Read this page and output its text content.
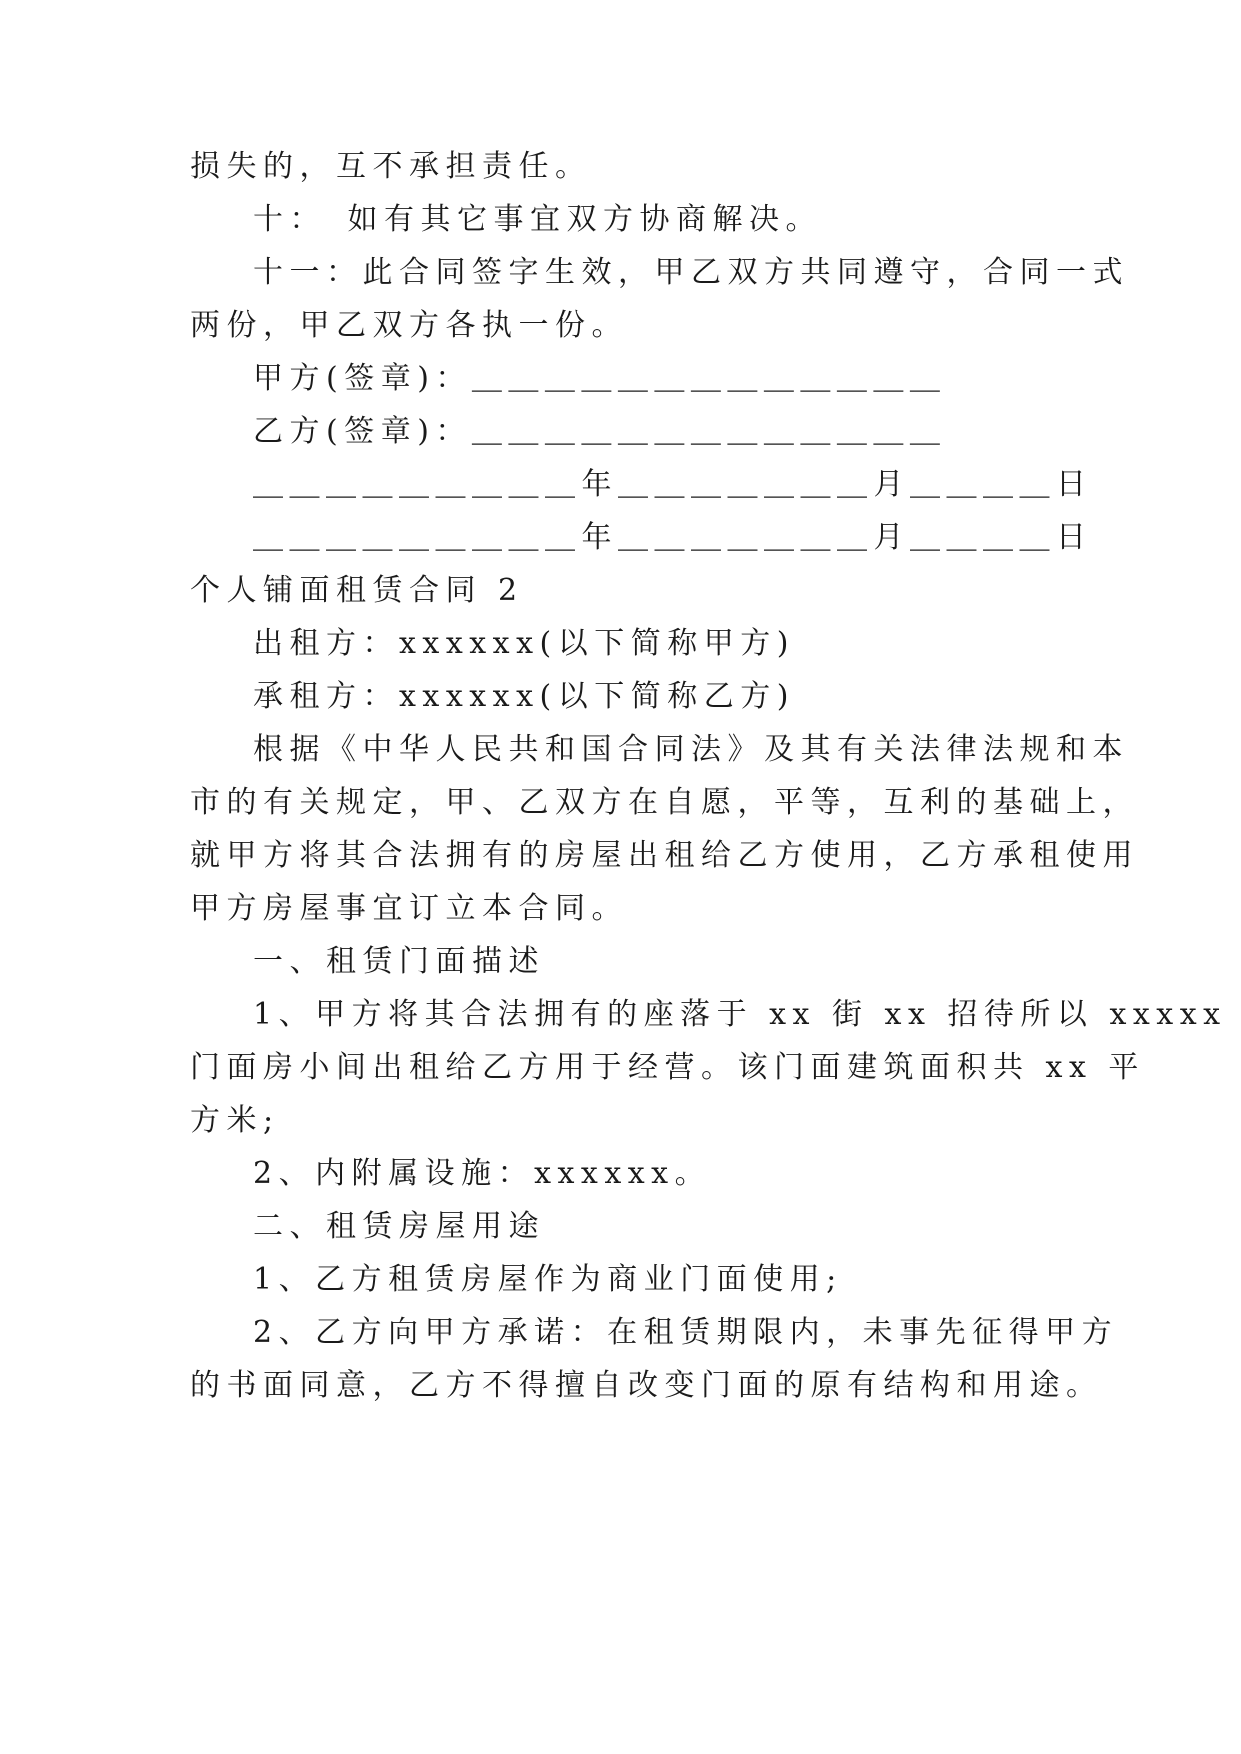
损失的，互不承担责任。
十：　如有其它事宜双方协商解决。
十一：此合同签字生效，甲乙双方共同遵守，合同一式
两份，甲乙双方各执一份。
甲方(签章)：＿＿＿＿＿＿＿＿＿＿＿＿＿
乙方(签章)：＿＿＿＿＿＿＿＿＿＿＿＿＿
＿＿＿＿＿＿＿＿＿年＿＿＿＿＿＿＿月＿＿＿＿日
＿＿＿＿＿＿＿＿＿年＿＿＿＿＿＿＿月＿＿＿＿日
个人铺面租赁合同 2
出租方：xxxxxx(以下简称甲方)
承租方：xxxxxx(以下简称乙方)
根据《中华人民共和国合同法》及其有关法律法规和本
市的有关规定，甲、乙双方在自愿，平等，互利的基础上，
就甲方将其合法拥有的房屋出租给乙方使用，乙方承租使用
甲方房屋事宜订立本合同。
一、租赁门面描述
1、甲方将其合法拥有的座落于 xx 街 xx 招待所以 xxxxx
门面房小间出租给乙方用于经营。该门面建筑面积共 xx 平
方米;
2、内附属设施：xxxxxx。
二、租赁房屋用途
1、乙方租赁房屋作为商业门面使用;
2、乙方向甲方承诺：在租赁期限内，未事先征得甲方
的书面同意，乙方不得擅自改变门面的原有结构和用途。
